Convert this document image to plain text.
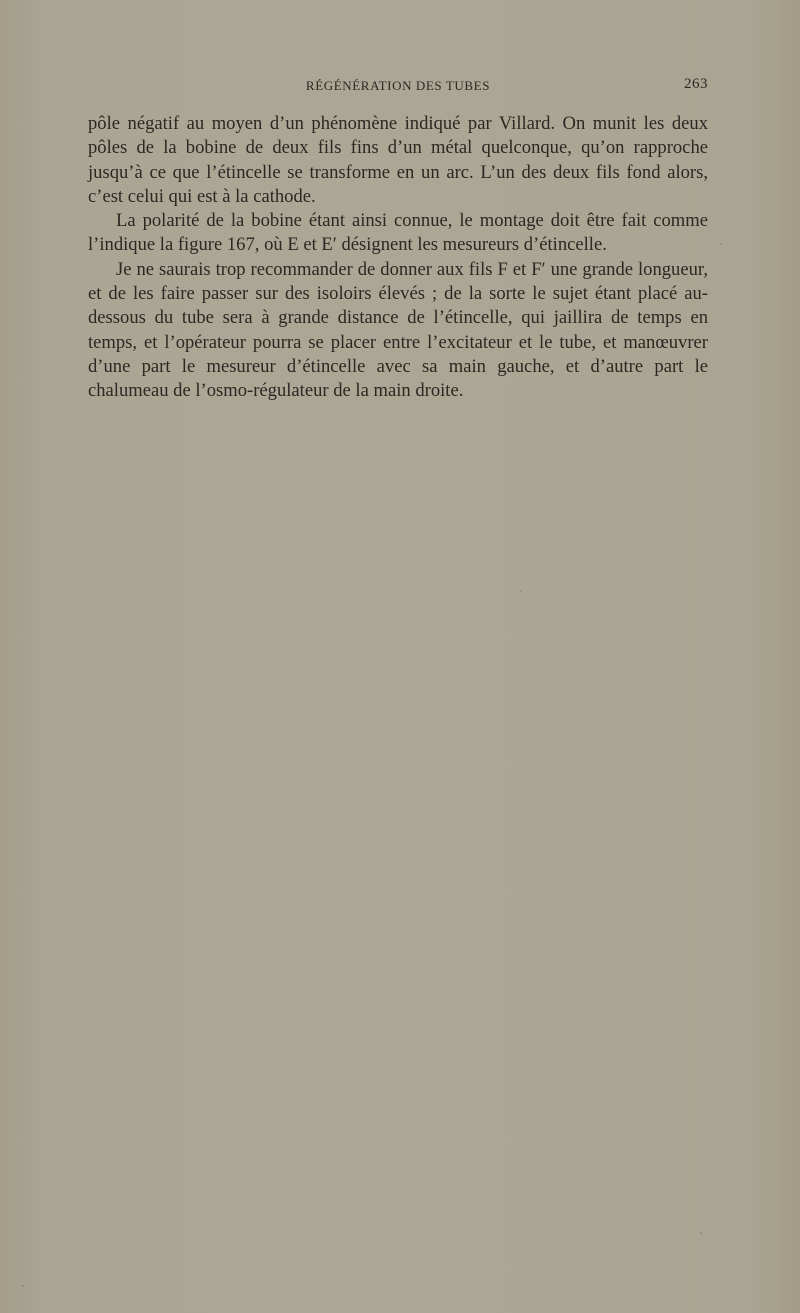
RÉGÉNÉRATION DES TUBES	263

pôle négatif au moyen d’un phénomène indiqué par Villard. On munit les deux pôles de la bobine de deux fils fins d’un métal quelconque, qu’on rapproche jusqu’à ce que l’étincelle se transforme en un arc. L’un des deux fils fond alors, c’est celui qui est à la cathode.

La polarité de la bobine étant ainsi connue, le montage doit être fait comme l’indique la figure 167, où E et E′ désignent les mesureurs d’étincelle.

Je ne saurais trop recommander de donner aux fils F et F′ une grande longueur, et de les faire passer sur des isoloirs élevés ; de la sorte le sujet étant placé au-dessous du tube sera à grande distance de l’étincelle, qui jaillira de temps en temps, et l’opérateur pourra se placer entre l’excitateur et le tube, et manœuvrer d’une part le mesureur d’étincelle avec sa main gauche, et d’autre part le chalumeau de l’osmo-régulateur de la main droite.
